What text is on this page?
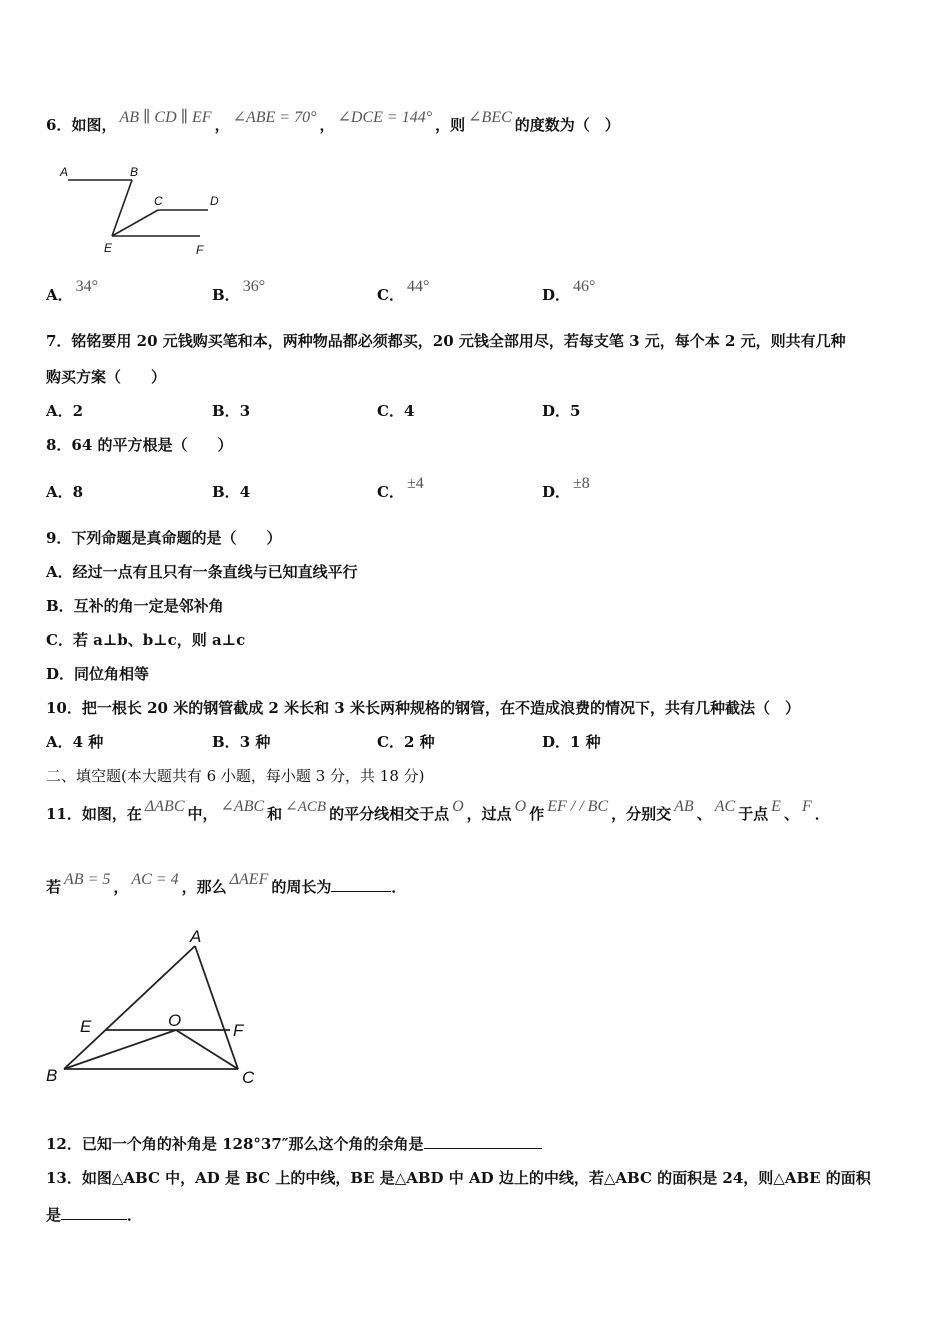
6．如图， AB ∥ CD ∥ EF ， ∠ABE = 70° ， ∠DCE = 144° ，则 ∠BEC 的度数为（　）
A	B
C	D
E	F
A． 34°	B． 36°	C． 44°	D． 46°
7．铭铭要用 20 元钱购买笔和本，两种物品都必须都买，20 元钱全部用尽，若每支笔 3 元，每个本 2 元，则共有几种
购买方案（　　）
A．2	B．3	C．4	D．5
8．64 的平方根是（　　）
A．8	B．4	C． ±4	D． ±8
9．下列命题是真命题的是（　　）
A．经过一点有且只有一条直线与已知直线平行
B．互补的角一定是邻补角
C．若 a⊥b、b⊥c，则 a⊥c
D．同位角相等
10．把一根长 20 米的钢管截成 2 米长和 3 米长两种规格的钢管，在不造成浪费的情况下，共有几种截法（　）
A．4 种	B．3 种	C．2 种	D．1 种
二、填空题(本大题共有 6 小题，每小题 3 分，共 18 分)
11．如图，在 ΔABC 中， ∠ABC 和 ∠ACB 的平分线相交于点 O ，过点 O 作 EF / / BC ，分别交 AB 、 AC 于点 E 、 F ．
若 AB = 5 ， AC = 4 ，那么 ΔAEF 的周长为	．
A
E	O
F
B	C
12．已知一个角的补角是 128°37″那么这个角的余角是
13．如图△ABC 中，AD 是 BC 上的中线，BE 是△ABD 中 AD 边上的中线，若△ABC 的面积是 24，则△ABE 的面积
是	．
